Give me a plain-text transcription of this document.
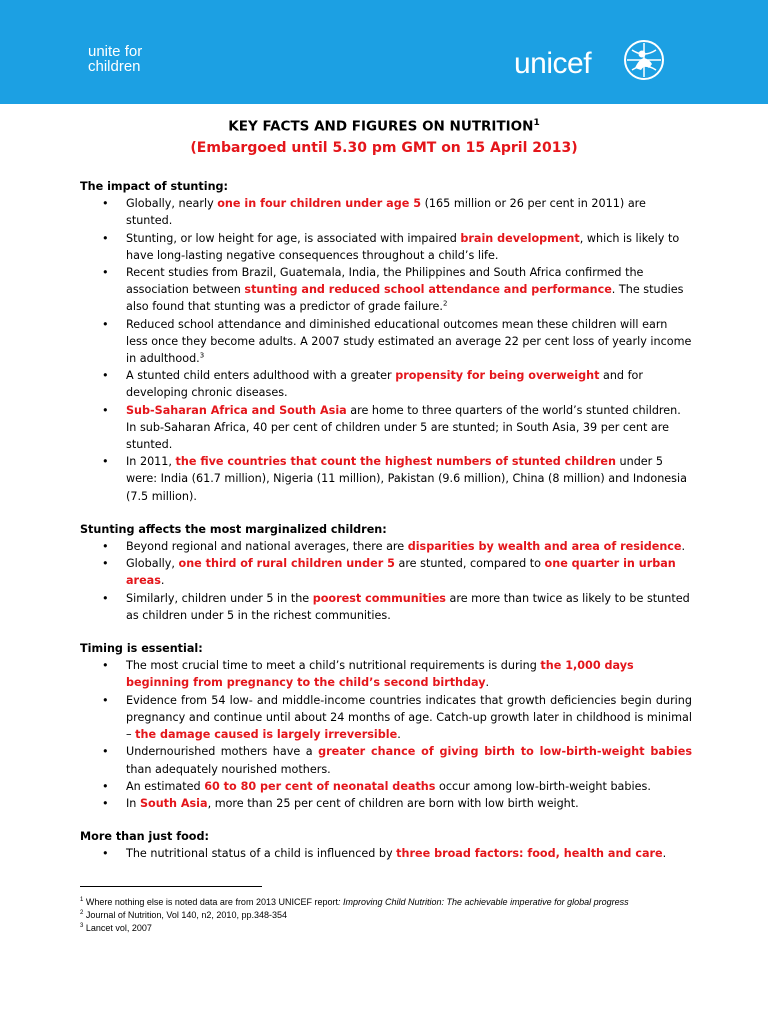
unite for
children	unicef
KEY FACTS AND FIGURES ON NUTRITION$^1$
(Embargoed until 5.30 pm GMT on 15 April 2013)

The impact of stunting:

• Globally, nearly one in four children under age 5 (165 million or 26 per cent in 2011) are stunted.
• Stunting, or low height for age, is associated with impaired brain development, which is likely to have long-lasting negative consequences throughout a child’s life.
• Recent studies from Brazil, Guatemala, India, the Philippines and South Africa confirmed the association between stunting and reduced school attendance and performance. The studies also found that stunting was a predictor of grade failure.$^2$
• Reduced school attendance and diminished educational outcomes mean these children will earn less once they become adults. A 2007 study estimated an average 22 per cent loss of yearly income in adulthood.$^3$
• A stunted child enters adulthood with a greater propensity for being overweight and for developing chronic diseases.
• Sub-Saharan Africa and South Asia are home to three quarters of the world’s stunted children. In sub-Saharan Africa, 40 per cent of children under 5 are stunted; in South Asia, 39 per cent are stunted.
• In 2011, the five countries that count the highest numbers of stunted children under 5 were: India (61.7 million), Nigeria (11 million), Pakistan (9.6 million), China (8 million) and Indonesia (7.5 million).

Stunting affects the most marginalized children:

• Beyond regional and national averages, there are disparities by wealth and area of residence.
• Globally, one third of rural children under 5 are stunted, compared to one quarter in urban areas.
• Similarly, children under 5 in the poorest communities are more than twice as likely to be stunted as children under 5 in the richest communities.

Timing is essential:

• The most crucial time to meet a child’s nutritional requirements is during the 1,000 days beginning from pregnancy to the child’s second birthday.
• Evidence from 54 low- and middle-income countries indicates that growth deficiencies begin during pregnancy and continue until about 24 months of age. Catch-up growth later in childhood is minimal – the damage caused is largely irreversible.
• Undernourished mothers have a greater chance of giving birth to low-birth-weight babies than adequately nourished mothers.
• An estimated 60 to 80 per cent of neonatal deaths occur among low-birth-weight babies.
• In South Asia, more than 25 per cent of children are born with low birth weight.

More than just food:

• The nutritional status of a child is influenced by three broad factors: food, health and care.
$^1$ Where nothing else is noted data are from 2013 UNICEF report: Improving Child Nutrition: The achievable imperative for global progress
$^2$ Journal of Nutrition, Vol 140, n2, 2010, pp.348-354
$^3$ Lancet vol, 2007
